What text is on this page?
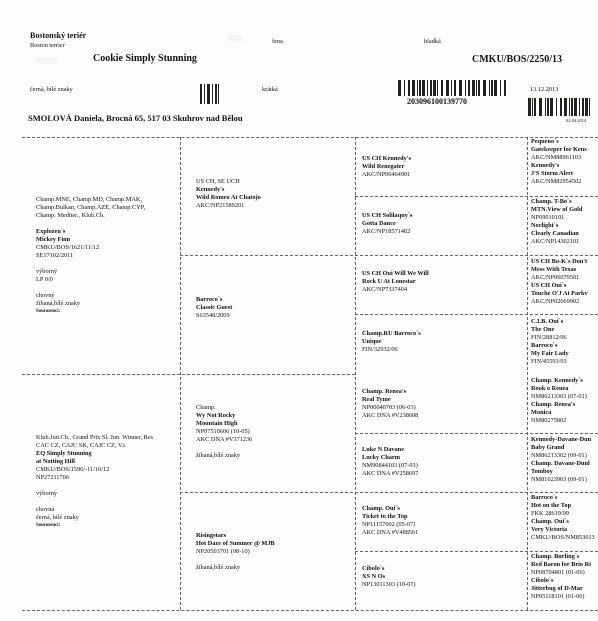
Bostonský teriér
Boston terrier
░░░░	fena	hladká
Cookie Simply Stunning	CMKU/BOS/2250/13
░░░░░░
černá, bílé znaky	krátká	13.12.2013
203096100139770
02.04.2014
SMOLOVÁ Daniela, Brocná 65, 517 03 Skuhrov nad Bělou
Champ.MNE, Champ.MD, Champ.MAK,
Champ.Bulkan, Champ.AZE, Champ.CYP,
Champ. Mediter., Klub.Ch.
Explozen`s
Mickey Finn
CMKU/BOS/1621/11/12
SE17102/2011
výborný
LP 0/0
chovný
žíhaná,bílé znaky
Sourozenci:
Klub.Jun.Ch., Grand Prix Sl. Jun. Winner, Res
CAC CZ, CAJC SK, CAJC CZ, V.t.
EQ Simply Stunning
at Notting Hill
CMKU/BOS/1596/-11/10/12
NP27211706
výborný
chovná
černá, bílé znaky
Sourozenci:
US CH, SE UCH
Kennedy's
Wild Romeo At Chatojo
AKC/NP21589201
Barroco`s
Classic Guest
S63548/2009
Champ.
Wy Not Rocky
Mountain High
NP07510606 (10-05)
AKC DNA #V371236
žíhaná,bílé znaky
Risingstars
Hot Daze of Summer @ MJB
NP20503701 (08-10)
žíhaná,bílé znaky
US CH Kennedy's
Wild Renegater
AKC/NP06464901
US CH Solilaquy`s
Gotta Dance
AKC/NP18571402
US CH Oui Will We Will
Rock U At Lonestar
AKC/NP7337404
Champ.RU Barroco`s
Unique
FIN/32932/06
Champ. Renea's
Real Tyme
NP00040703 (06-03)
AKC DNA #V238608
Luke N Davane
Lucky Charm
NM90844103 (07-03)
AKC DNA #V258697
Champ. Oui`s
Ticket to the Top
NP11157002 (05-07)
AKC DNA #V488561
Cibolo`s
XS N Os
NP13011303 (10-07)
Pequeno`s
Gatekeeper for Kens
AKC/NM88961103
Kennedy's
J'S Storm Alert
AKC/NM82954502
Champ. T-Bo`s
MTN.View of Gold
NP09010101
Norlight`s
Clearly Canadian
AKC/NP14302101
US CH Bo-K`s Don't
Mess With Texas
AKC/NP06079501
US CH Oui`s
Touche O'J At Parkv
AKC/NP02069902
C.I.B. Oui`s
The One
FIN/28812/06
Barroco`s
My Fair Lady
FIN/45591/03
Champ. Kennedy`s
Rook o Renea
NM86213303 (07-01)
Champ. Renea's
Monica
NM80275802
Kennedy-Davane-Dun
Baby Grand
NM86213302 (09-01)
Champ. Davane-Dunl
Tomboy
NM81623903 (09-01)
Barroco`s
Hot on the Top
FKK 28619/99
Champ. Oui`s
Very Victoria
CMKU/BOS/NM853613
Champ. Burling`s
Red Baron for Brio Ri
NP08704801 (01-06)
Cibolo`s
Jitterbug of D-Mar
NP05118101 (01-06)
